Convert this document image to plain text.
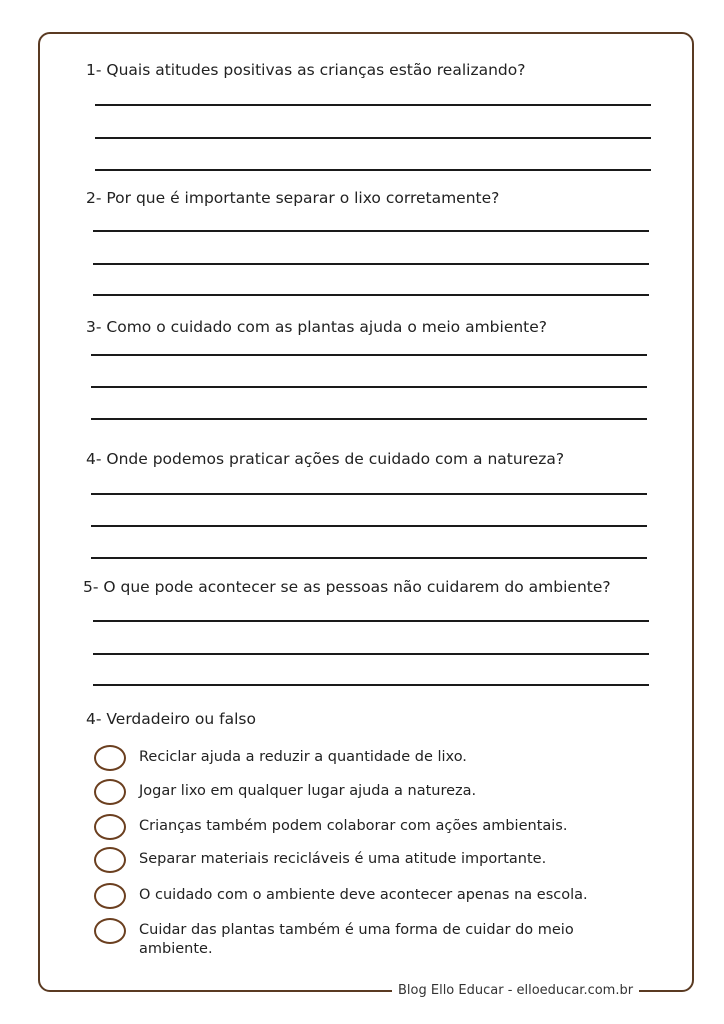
1- Quais atitudes positivas as crianças estão realizando?
2- Por que é importante separar o lixo corretamente?
3- Como o cuidado com as plantas ajuda o meio ambiente?
4- Onde podemos praticar ações de cuidado com a natureza?
5- O que pode acontecer se as pessoas não cuidarem do ambiente?
4- Verdadeiro ou falso
Reciclar ajuda a reduzir a quantidade de lixo.
Jogar lixo em qualquer lugar ajuda a natureza.
Crianças também podem colaborar com ações ambientais.
Separar materiais recicláveis é uma atitude importante.
O cuidado com o ambiente deve acontecer apenas na escola.
Cuidar das plantas também é uma forma de cuidar do meio ambiente.
Blog Ello Educar - elloeducar.com.br
